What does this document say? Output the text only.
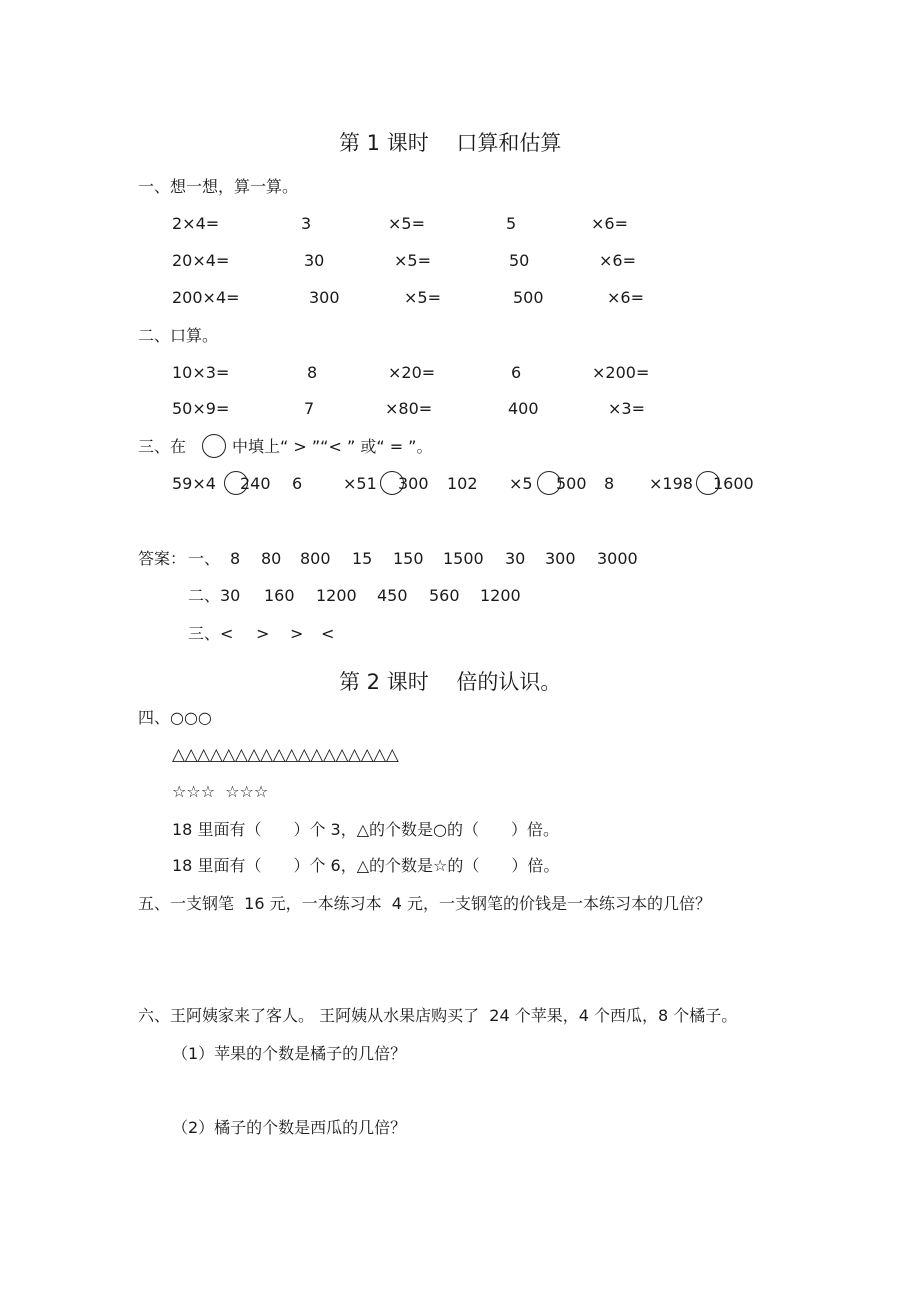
第 1 课时　 口算和估算
一、想一想，算一算。
2×4=	3	×5=	5	×6=
20×4=	30	×5=	50	×6=
200×4=	300	×5=	500	×6=
二、口算。
10×3=	8	×20=	6	×200=
50×9=	7	×80=	400	×3=
三、在	中填上“ > ”“< ” 或“ = ”。
59×4 240 6	×51 300 102 ×5 500 8 ×198 1600
答案： 一、 8 80 800 15 150 1500 30 300 3000
二、30 160 1200 450 560 1200
三、< > > <
第 2 课时　 倍的认识。
四、○○○
△△△△△△△△△△△△△△△△△△
☆☆☆  ☆☆☆
18 里面有（　　）个 3，△的个数是○的（　　）倍。
18 里面有（　　）个 6，△的个数是☆的（　　）倍。
五、一支钢笔  16 元，一本练习本  4 元，一支钢笔的价钱是一本练习本的几倍？
六、王阿姨家来了客人。 王阿姨从水果店购买了  24 个苹果，4 个西瓜，8 个橘子。
（1）苹果的个数是橘子的几倍？
（2）橘子的个数是西瓜的几倍？
